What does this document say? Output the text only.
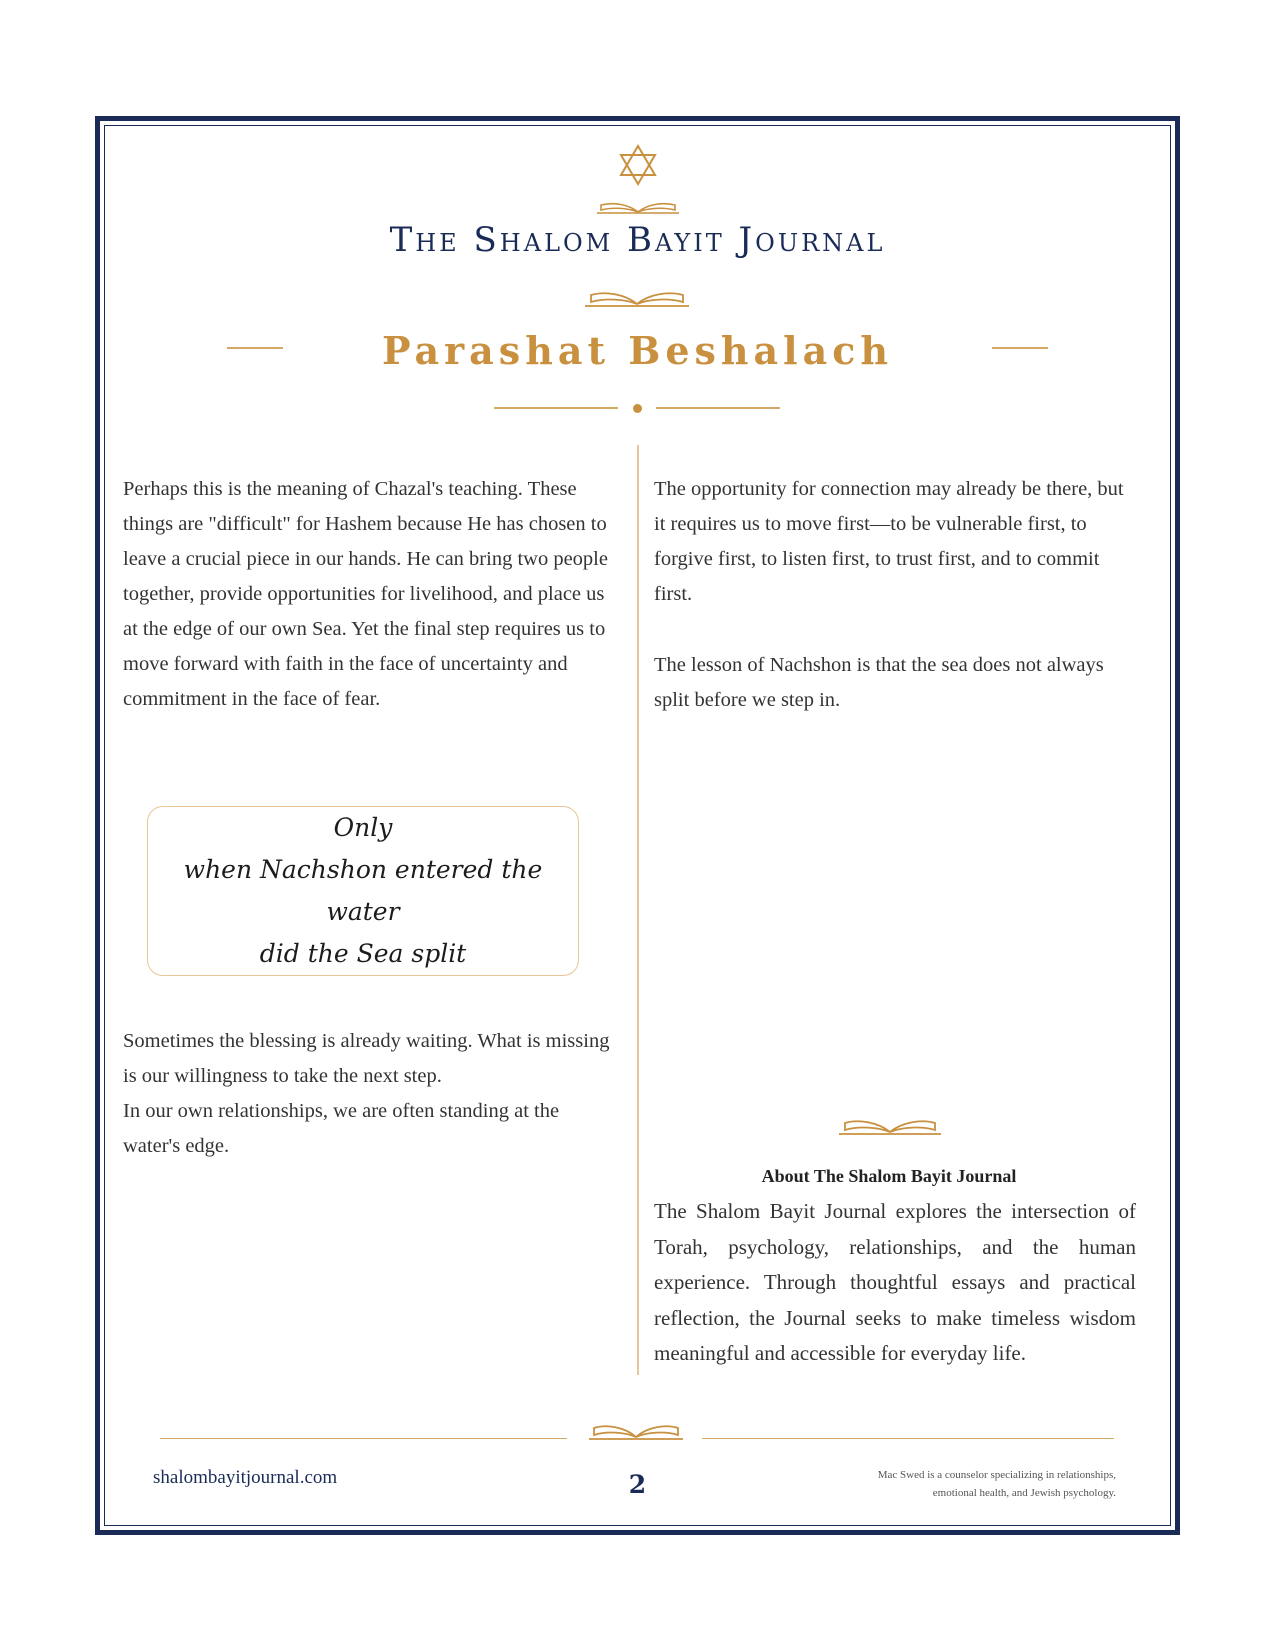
The Shalom Bayit Journal
Parashat Beshalach

Perhaps this is the meaning of Chazal's teaching. These things are "difficult" for Hashem because He has chosen to leave a crucial piece in our hands. He can bring two people together, provide opportunities for livelihood, and place us at the edge of our own Sea. Yet the final step requires us to move forward with faith in the face of uncertainty and commitment in the face of fear.

Only
when Nachshon entered the water
did the Sea split

Sometimes the blessing is already waiting. What is missing is our willingness to take the next step.

In our own relationships, we are often standing at the water's edge.

The opportunity for connection may already be there, but it requires us to move first—to be vulnerable first, to forgive first, to listen first, to trust first, and to commit first.

The lesson of Nachshon is that the sea does not always split before we step in.

About The Shalom Bayit Journal
The Shalom Bayit Journal explores the intersection of Torah, psychology, relationships, and the human experience. Through thoughtful essays and practical reflection, the Journal seeks to make timeless wisdom meaningful and accessible for everyday life.
shalombayitjournal.com	2	Mac Swed is a counselor specializing in relationships,
emotional health, and Jewish psychology.
